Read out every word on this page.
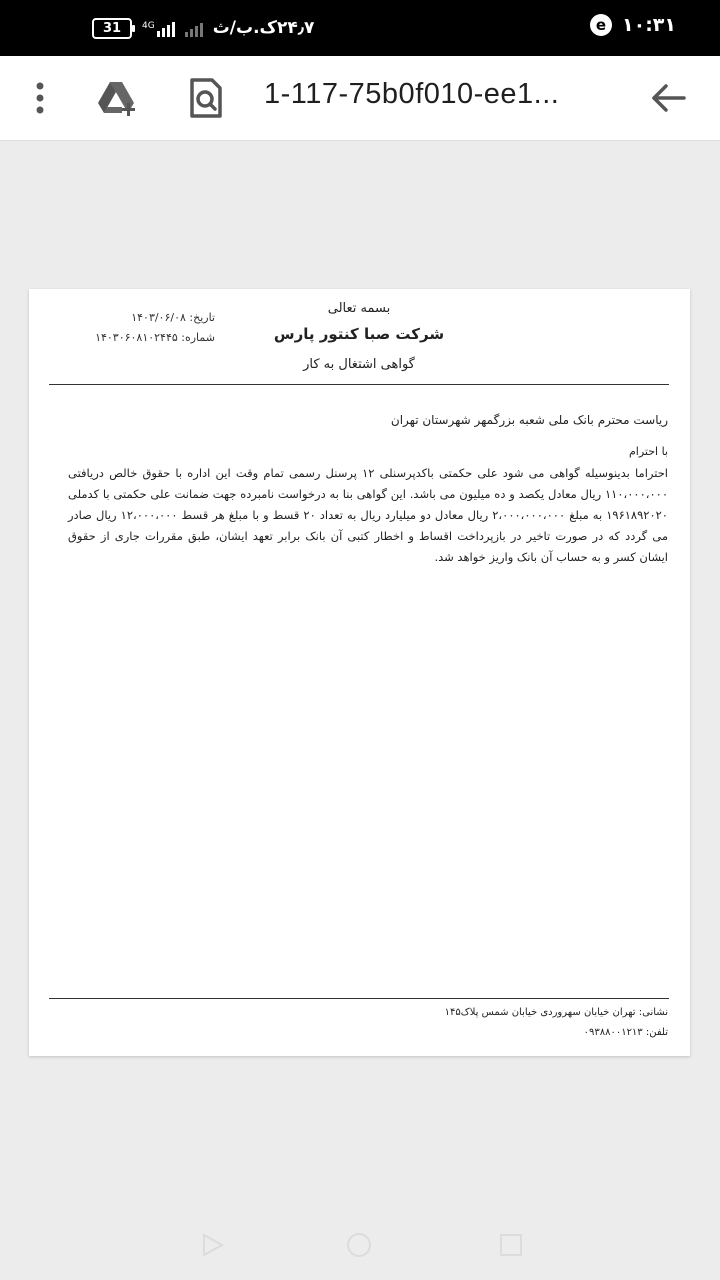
31	4G	۲۴٫۷ک.ب/ث	e ۱۰:۳۱
1-117-75b0f010-ee1...
بسمه تعالی
شرکت صبا کنتور پارس
گواهی اشتغال به کار
تاریخ: ۱۴۰۳/۰۶/۰۸
شماره: ۱۴۰۳۰۶۰۸۱۰۲۴۴۵
ریاست محترم بانک ملی شعبه بزرگمهر شهرستان تهران
با احترام
احتراما بدینوسیله گواهی می شود علی حکمتی باکدپرسنلی ۱۲ پرسنل رسمی تمام وقت این اداره با حقوق خالص دریافتی ۱۱۰،۰۰۰،۰۰۰ ریال معادل یکصد و ده میلیون می باشد. این گواهی بنا به درخواست نامبرده جهت ضمانت علی حکمتی با کدملی ۱۹۶۱۸۹۲۰۲۰ به مبلغ ۲،۰۰۰،۰۰۰،۰۰۰ ریال معادل دو میلیارد ریال به تعداد ۲۰ قسط و با مبلغ هر قسط ۱۲،۰۰۰،۰۰۰ ریال صادر می گردد که در صورت تاخیر در بازپرداخت اقساط و اخطار کتبی آن بانک برابر تعهد ایشان، طبق مقررات جاری از حقوق ایشان کسر و به حساب آن بانک واریز خواهد شد.
نشانی: تهران خیابان سهروردی خیابان شمس پلاک۱۴۵
تلفن: ۰۹۳۸۸۰۰۱۲۱۳
